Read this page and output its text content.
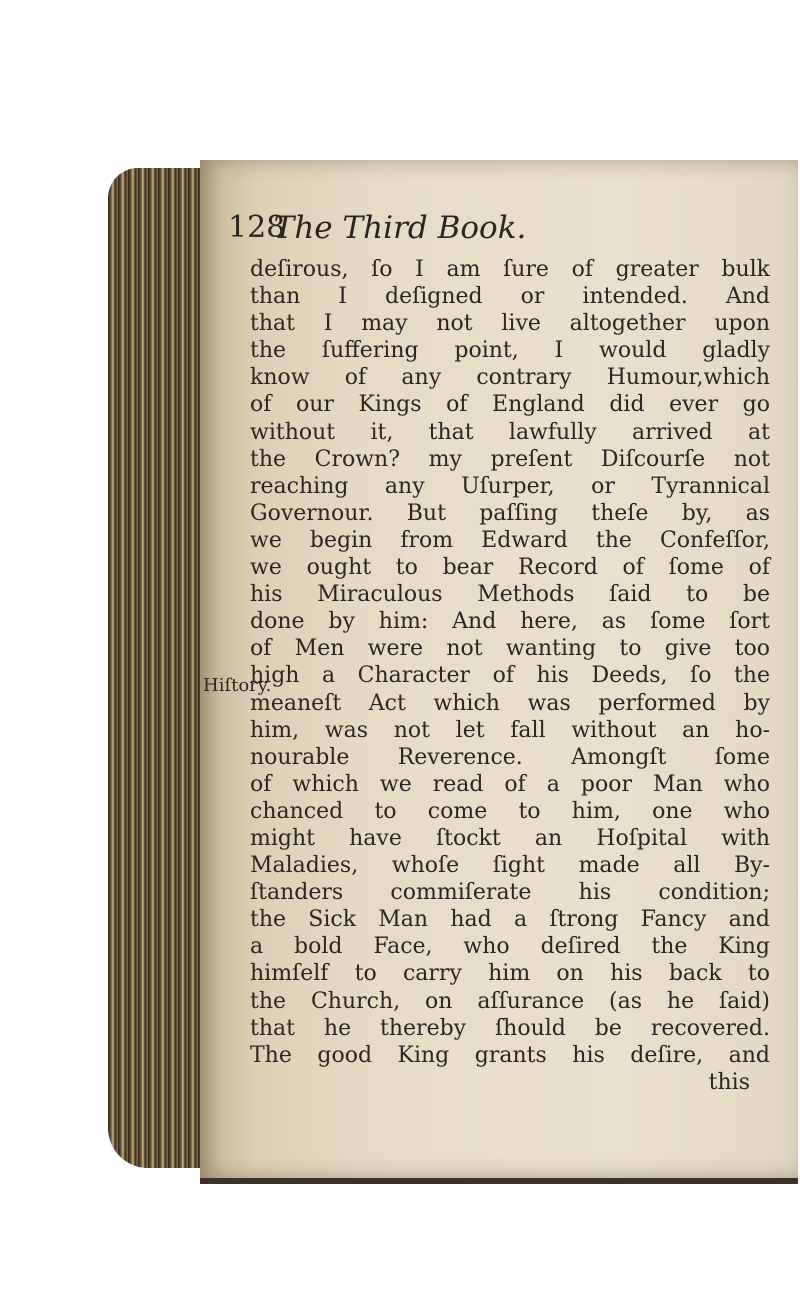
128
The Third Book.
Hiſtory.
deſirous, ſo I am ſure of greater bulk
than I deſigned or intended. And
that I may not live altogether upon
the ſuffering point, I would gladly
know of any contrary Humour,which
of our Kings of England did ever go
without it, that lawfully arrived at
the Crown? my preſent Diſcourſe not
reaching any Uſurper, or Tyrannical
Governour. But paſſing theſe by, as
we begin from Edward the Confeſſor,
we ought to bear Record of ſome of
his Miraculous Methods ſaid to be
done by him: And here, as ſome ſort
of Men were not wanting to give too
high a Character of his Deeds, ſo the
meaneſt Act which was performed by
him, was not let fall without an ho-
nourable Reverence. Amongſt ſome
of which we read of a poor Man who
chanced to come to him, one who
might have ſtockt an Hoſpital with
Maladies, whoſe ſight made all By-
ſtanders commiſerate his condition;
the Sick Man had a ſtrong Fancy and
a bold Face, who deſired the King
himſelf to carry him on his back to
the Church, on aſſurance (as he ſaid)
that he thereby ſhould be recovered.
The good King grants his deſire, and
this
